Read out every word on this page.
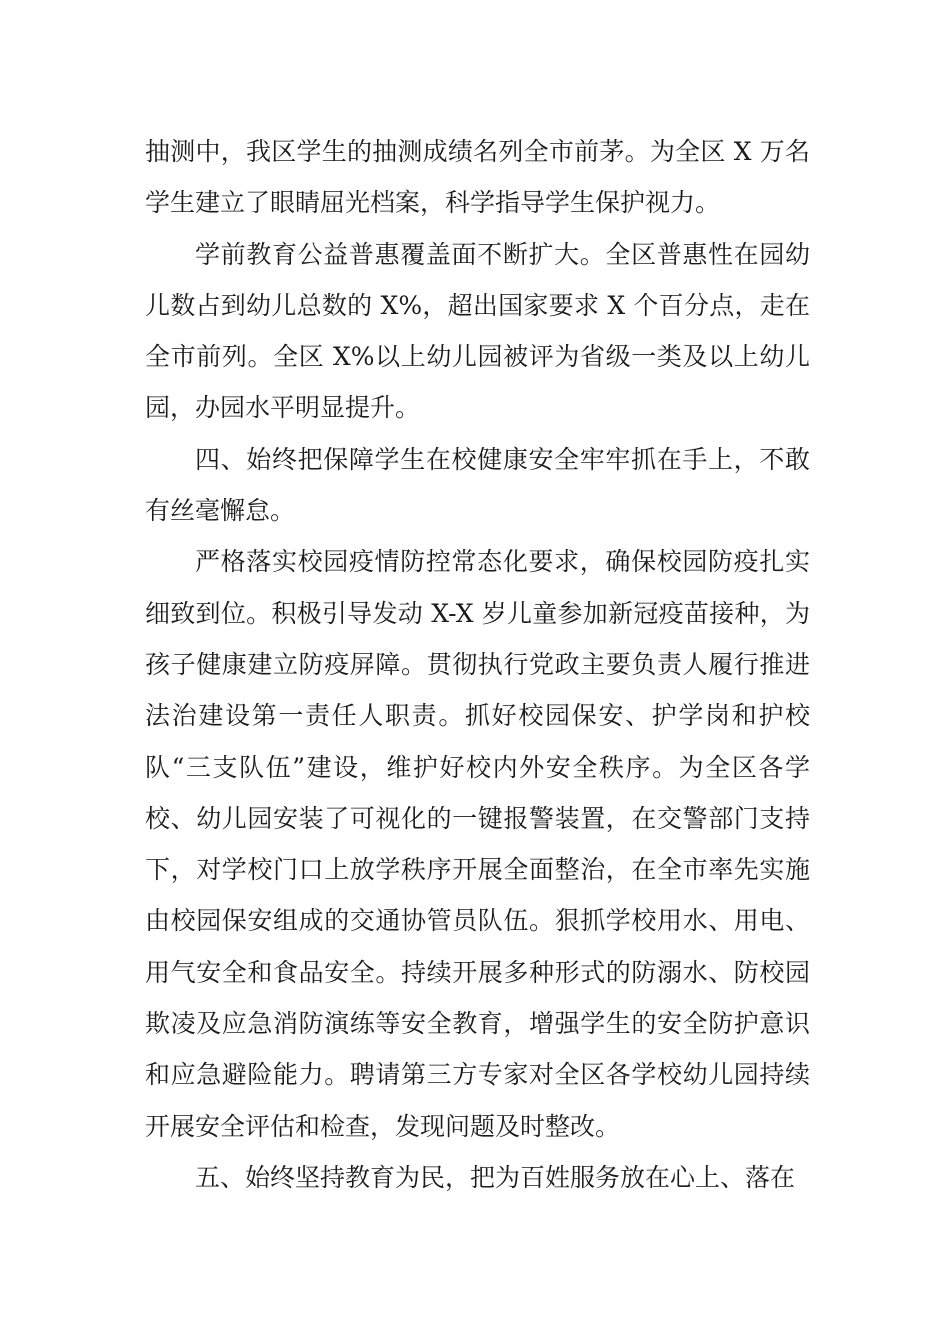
抽测中，我区学生的抽测成绩名列全市前茅。为全区 X 万名学生建立了眼睛屈光档案，科学指导学生保护视力。

学前教育公益普惠覆盖面不断扩大。全区普惠性在园幼儿数占到幼儿总数的 X%，超出国家要求 X 个百分点，走在全市前列。全区 X%以上幼儿园被评为省级一类及以上幼儿园，办园水平明显提升。

四、始终把保障学生在校健康安全牢牢抓在手上，不敢有丝毫懈怠。

严格落实校园疫情防控常态化要求，确保校园防疫扎实细致到位。积极引导发动 X-X 岁儿童参加新冠疫苗接种，为孩子健康建立防疫屏障。贯彻执行党政主要负责人履行推进法治建设第一责任人职责。抓好校园保安、护学岗和护校队“三支队伍”建设，维护好校内外安全秩序。为全区各学校、幼儿园安装了可视化的一键报警装置，在交警部门支持下，对学校门口上放学秩序开展全面整治，在全市率先实施由校园保安组成的交通协管员队伍。狠抓学校用水、用电、用气安全和食品安全。持续开展多种形式的防溺水、防校园欺凌及应急消防演练等安全教育，增强学生的安全防护意识和应急避险能力。聘请第三方专家对全区各学校幼儿园持续开展安全评估和检查，发现问题及时整改。

五、始终坚持教育为民，把为百姓服务放在心上、落在
